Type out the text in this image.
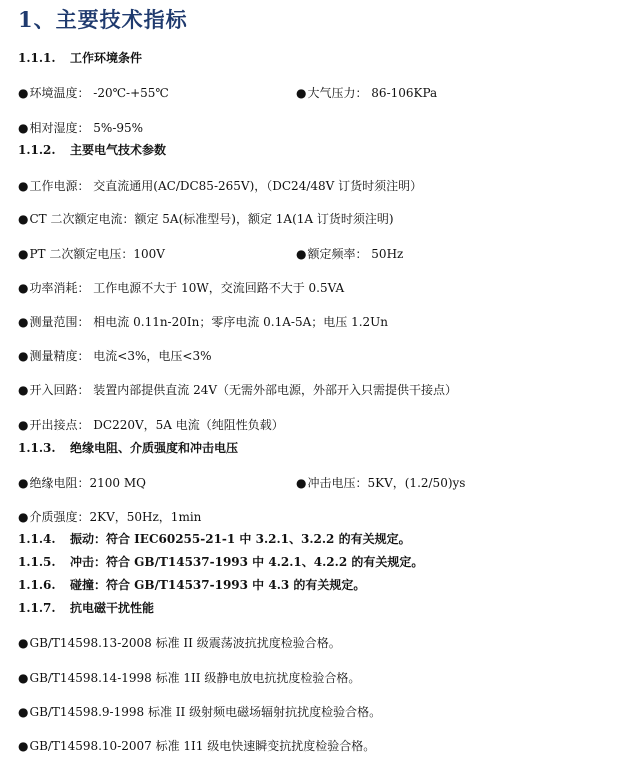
1、主要技术指标
1.1.1. 工作环境条件
●环境温度： -20℃-+55℃	●大气压力： 86-106KPa
●相对湿度： 5%-95%
1.1.2. 主要电气技术参数
●工作电源： 交直流通用(AC/DC85-265V)，（DC24/48V 订货时须注明）
●CT 二次额定电流：额定 5A(标准型号)，额定 1A(1A 订货时须注明)
●PT 二次额定电压：100V	●额定频率： 50Hz
●功率消耗： 工作电源不大于 10W，交流回路不大于 0.5VA
●测量范围： 相电流 0.11n-20In；零序电流 0.1A-5A；电压 1.2Un
●测量精度： 电流<3%，电压<3%
●开入回路： 装置内部提供直流 24V（无需外部电源，外部开入只需提供干接点）
●开出接点： DC220V，5A 电流（纯阻性负载）
1.1.3. 绝缘电阻、介质强度和冲击电压
●绝缘电阻：2100 MQ	●冲击电压：5KV，(1.2/50)ys
●介质强度：2KV，50Hz，1min
1.1.4. 振动：符合 IEC60255-21-1 中 3.2.1、3.2.2 的有关规定。
1.1.5. 冲击：符合 GB/T14537-1993 中 4.2.1、4.2.2 的有关规定。
1.1.6. 碰撞：符合 GB/T14537-1993 中 4.3 的有关规定。
1.1.7. 抗电磁干扰性能
●GB/T14598.13-2008 标准 II 级震荡波抗扰度检验合格。
●GB/T14598.14-1998 标准 1II 级静电放电抗扰度检验合格。
●GB/T14598.9-1998 标准 II 级射频电磁场辐射抗扰度检验合格。
●GB/T14598.10-2007 标准 1I1 级电快速瞬变抗扰度检验合格。
